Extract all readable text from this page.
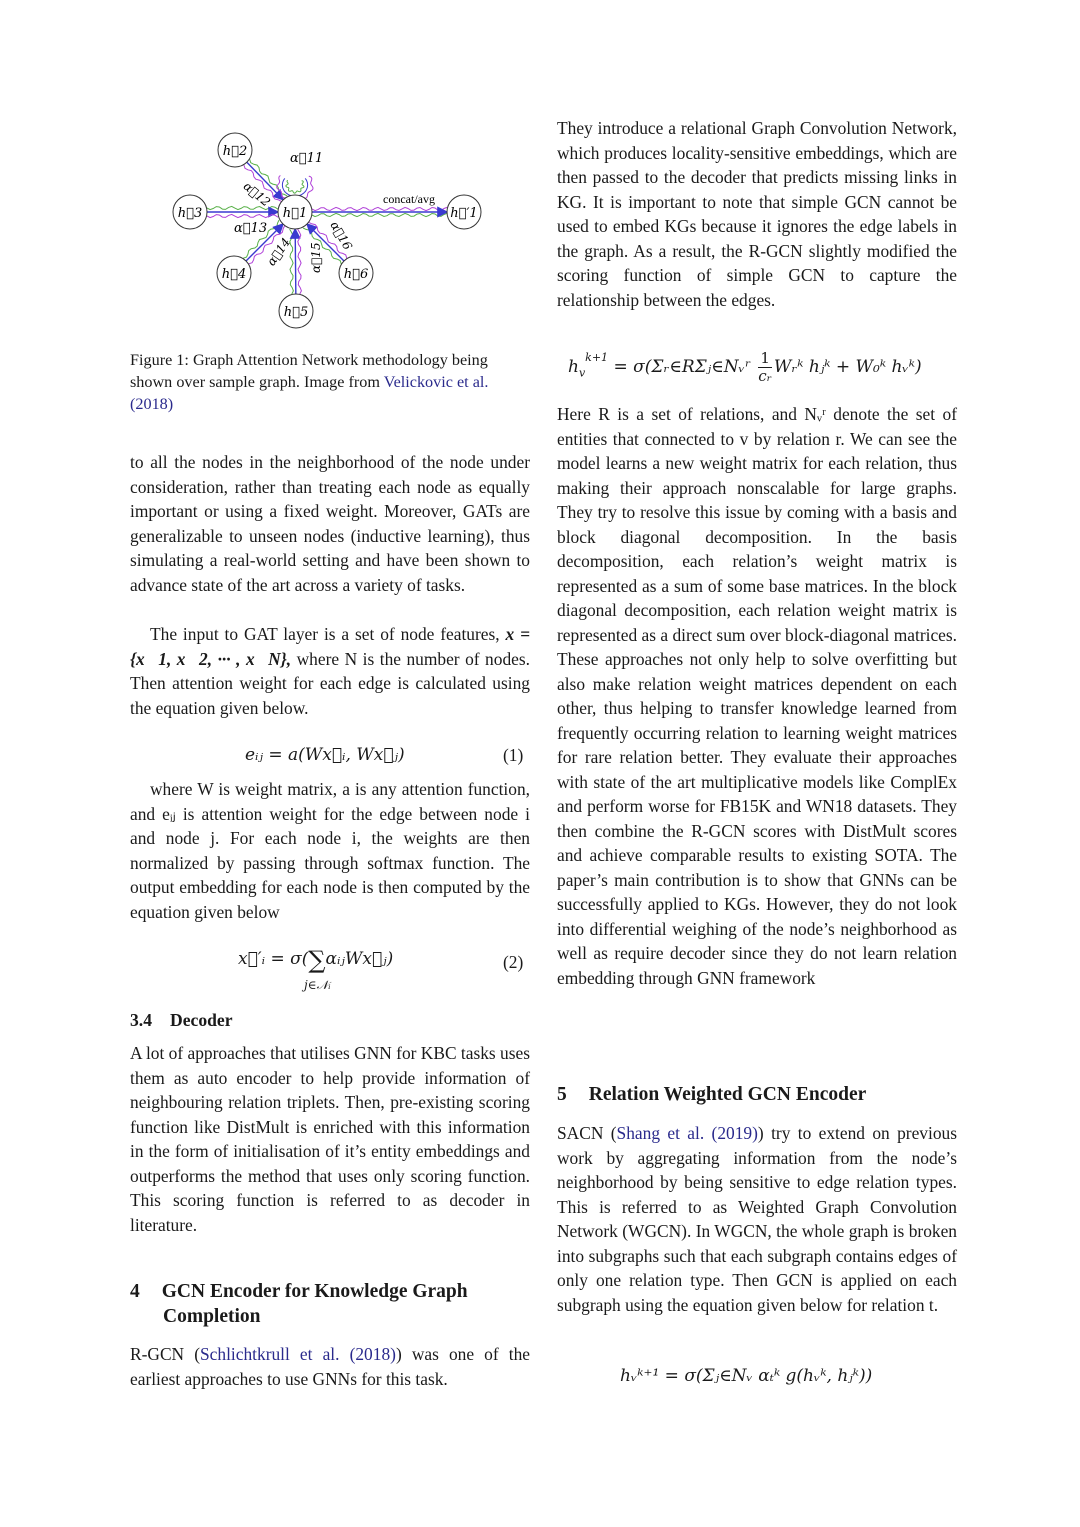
h⃗1
h⃗2
h⃗3
h⃗4
h⃗5
h⃗6
h⃗′1
α⃗11
α⃗12
α⃗13
α⃗14 α⃗15
α⃗16
concat/avg
Figure 1: Graph Attention Network methodology being shown over sample graph. Image from Velickovic et al.
(2018)

to all the nodes in the neighborhood of the node under consideration, rather than treating each node as equally important or using a fixed weight. Moreover, GATs are generalizable to unseen nodes (inductive learning), thus simulating a real-world setting and have been shown to advance state of the art across a variety of tasks.

The input to GAT layer is a set of node features, x = {x⃗1, x⃗2, ··· , x⃗N}, where N is the number of nodes. Then attention weight for each edge is calculated using the equation given below.

eᵢⱼ = a(Wx⃗ᵢ, Wx⃗ⱼ)	(1)

where W is weight matrix, a is any attention function, and eᵢⱼ is attention weight for the edge between node i and node j. For each node i, the weights are then normalized by passing through softmax function. The output embedding for each node is then computed by the equation given below

x⃗′ᵢ = σ(∑αᵢⱼWx⃗ⱼ)
j∈𝒩ᵢ
(2)
3.4 Decoder

A lot of approaches that utilises GNN for KBC tasks uses them as auto encoder to help provide information of neighbouring relation triplets. Then, pre-existing scoring function like DistMult is enriched with this information in the form of initialisation of it’s entity embeddings and outperforms the method that uses only scoring function. This scoring function is referred to as decoder in literature.

4 GCN Encoder for Knowledge Graph
Completion

R-GCN (Schlichtkrull et al. (2018)) was one of the earliest approaches to use GNNs for this task.

They introduce a relational Graph Convolution Network, which produces locality-sensitive embeddings, which are then passed to the decoder that predicts missing links in KG. It is important to note that simple GCN cannot be used to embed KGs because it ignores the edge labels in the graph. As a result, the R-GCN slightly modified the scoring function of simple GCN to capture the relationship between the edges.

$h_v^{k+1}$ = σ(Σᵣ∈RΣⱼ∈Nᵥʳ $\frac{1}{\text{cᵣ}}$ Wᵣᵏ hⱼᵏ + W₀ᵏ hᵥᵏ)

Here R is a set of relations, and Nᵥʳ denote the set of entities that connected to v by relation r. We can see the model learns a new weight matrix for each relation, thus making their approach nonscalable for large graphs. They try to resolve this issue by coming with a basis and block diagonal decomposition. In the basis decomposition, each relation’s weight matrix is represented as a sum of some base matrices. In the block diagonal decomposition, each relation weight matrix is represented as a direct sum over block-diagonal matrices. These approaches not only help to solve overfitting but also make relation weight matrices dependent on each other, thus helping to transfer knowledge learned from frequently occurring relation to learning weight matrices for rare relation better. They evaluate their approaches with state of the art multiplicative models like ComplEx and perform worse for FB15K and WN18 datasets. They then combine the R-GCN scores with DistMult scores and achieve comparable results to existing SOTA. The paper’s main contribution is to show that GNNs can be successfully applied to KGs. However, they do not look into differential weighing of the node’s neighborhood as well as require decoder since they do not learn relation embedding through GNN framework

5 Relation Weighted GCN Encoder

SACN (Shang et al. (2019)) try to extend on previous work by aggregating information from the node’s neighborhood by being sensitive to edge relation types. This is referred to as Weighted Graph Convolution Network (WGCN). In WGCN, the whole graph is broken into subgraphs such that each subgraph contains edges of only one relation type. Then GCN is applied on each subgraph using the equation given below for relation t.

hᵥᵏ⁺¹ = σ(Σⱼ∈Nᵥ αₜᵏ g(hᵥᵏ, hⱼᵏ))
